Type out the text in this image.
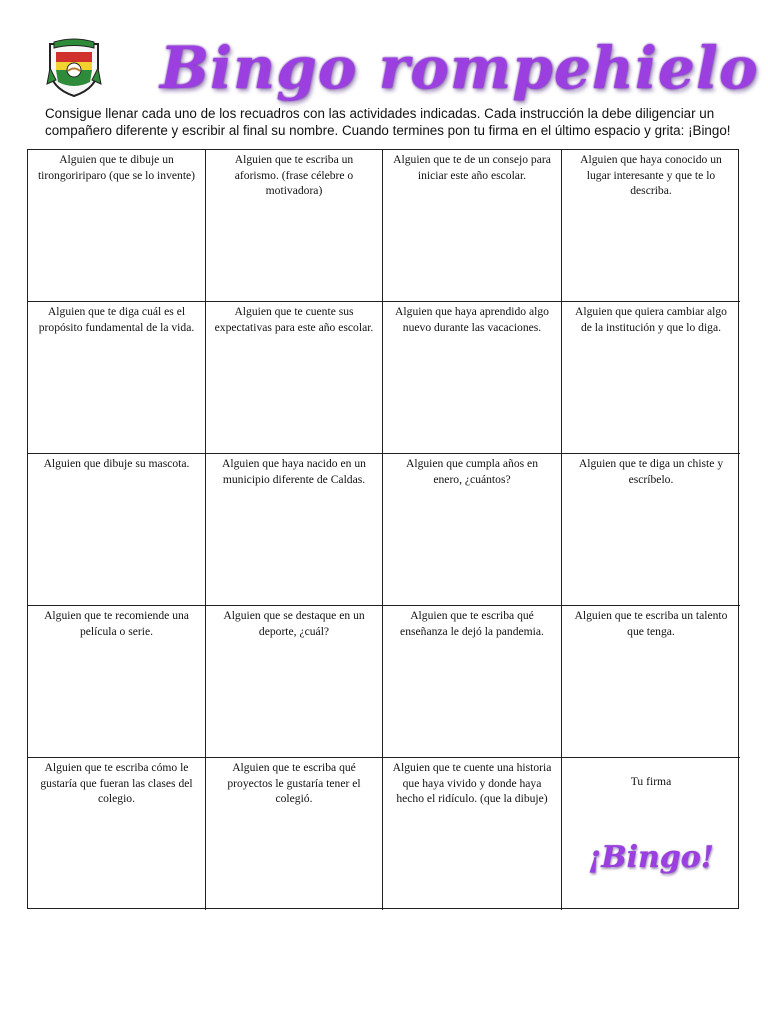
Bingo rompehielo
Consigue llenar cada uno de los recuadros con las actividades indicadas. Cada instrucción la debe diligenciar un compañero diferente y escribir al final su nombre. Cuando termines pon tu firma en el último espacio y grita: ¡Bingo!
Alguien que te dibuje un tirongoririparo (que se lo invente)
Alguien que te escriba un aforismo. (frase célebre o motivadora)
Alguien que te de un consejo para iniciar este año escolar.
Alguien que haya conocido un lugar interesante y que te lo describa.
Alguien que te diga cuál es el propósito fundamental de la vida.
Alguien que te cuente sus expectativas para este año escolar.
Alguien que haya aprendido algo nuevo durante las vacaciones.
Alguien que quiera cambiar algo de la institución y que lo diga.
Alguien que dibuje su mascota.	Alguien que haya nacido en un municipio diferente de Caldas.
Alguien que cumpla años en enero, ¿cuántos?
Alguien que te diga un chiste y escríbelo.
Alguien que te recomiende una película o serie.
Alguien que se destaque en un deporte, ¿cuál?
Alguien que te escriba qué enseñanza le dejó la pandemia.
Alguien que te escriba un talento que tenga.
Alguien que te escriba cómo le gustaría que fueran las clases del colegio.
Alguien que te escriba qué proyectos le gustaría tener el colegió.
Alguien que te cuente una historia que haya vivido y donde haya hecho el ridículo. (que la dibuje)
Tu firma
¡Bingo!
